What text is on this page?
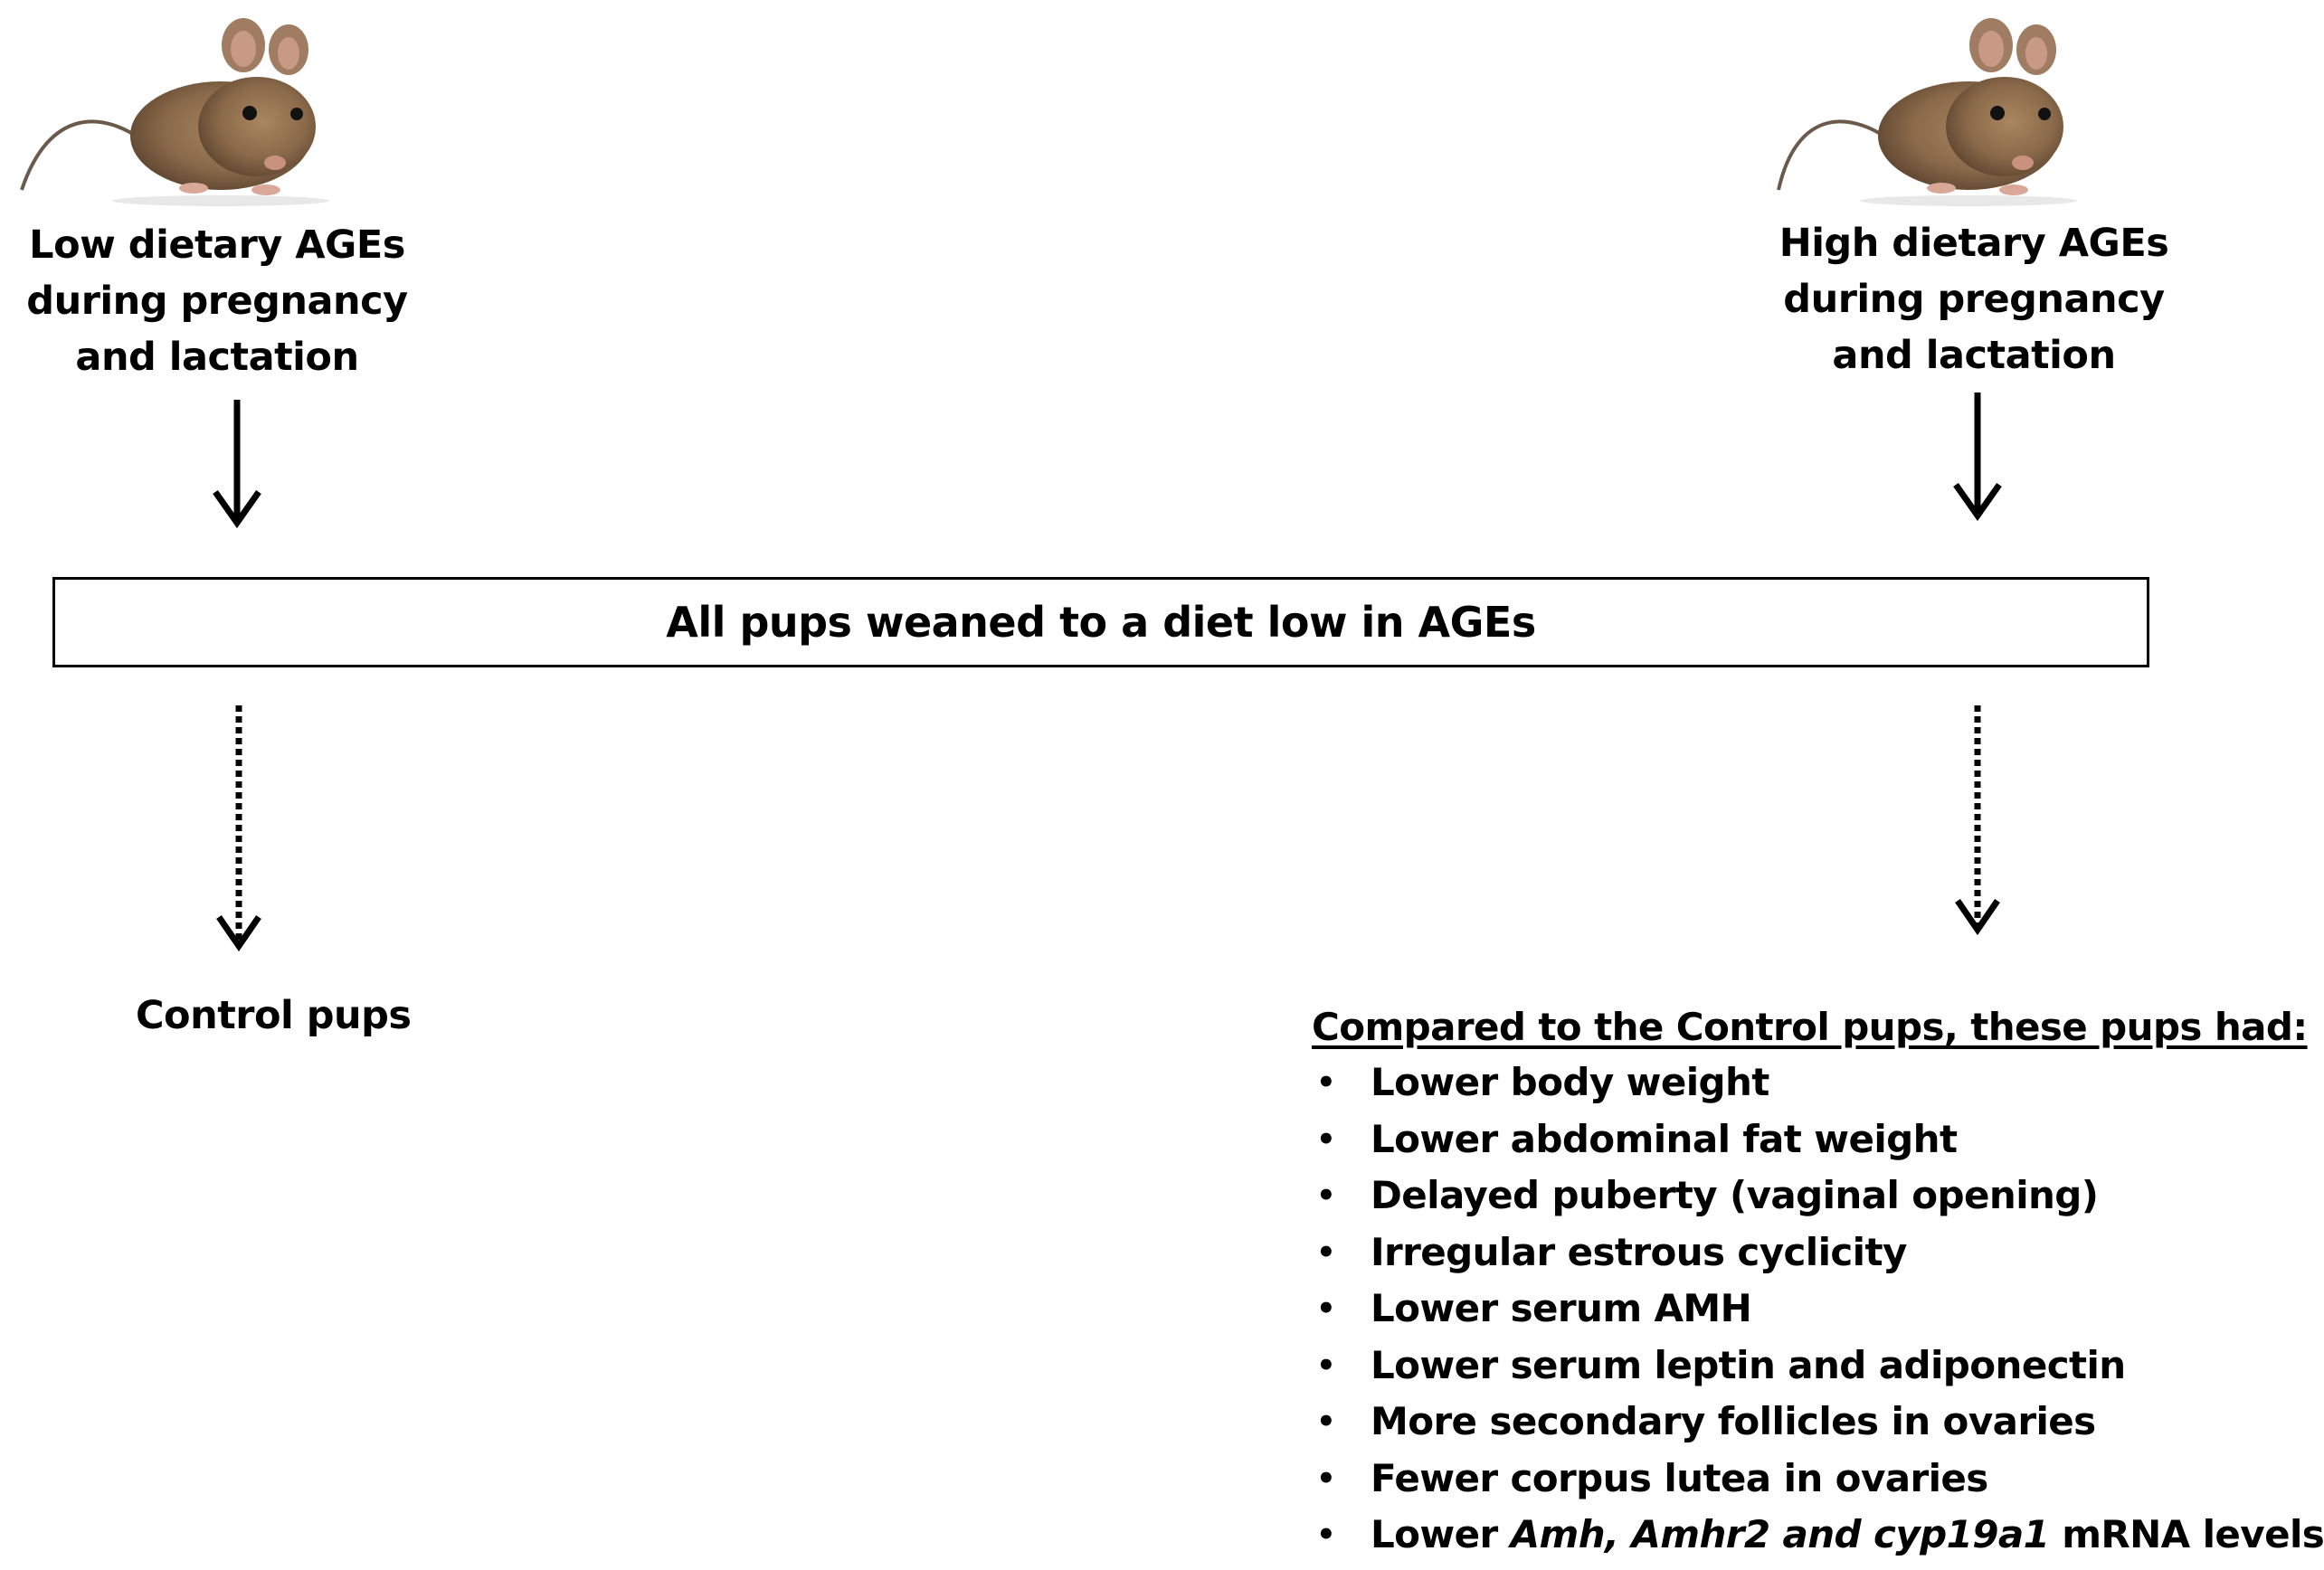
Low dietary AGEs
during pregnancy
and lactation
High dietary AGEs
during pregnancy
and lactation
All pups weaned to a diet low in AGEs
Control pups	Compared to the Control pups, these pups had:
• Lower body weight
• Lower abdominal fat weight
• Delayed puberty (vaginal opening)
• Irregular estrous cyclicity
• Lower serum AMH
• Lower serum leptin and adiponectin
• More secondary follicles in ovaries
• Fewer corpus lutea in ovaries
• Lower Amh, Amhr2 and cyp19a1 mRNA levels
